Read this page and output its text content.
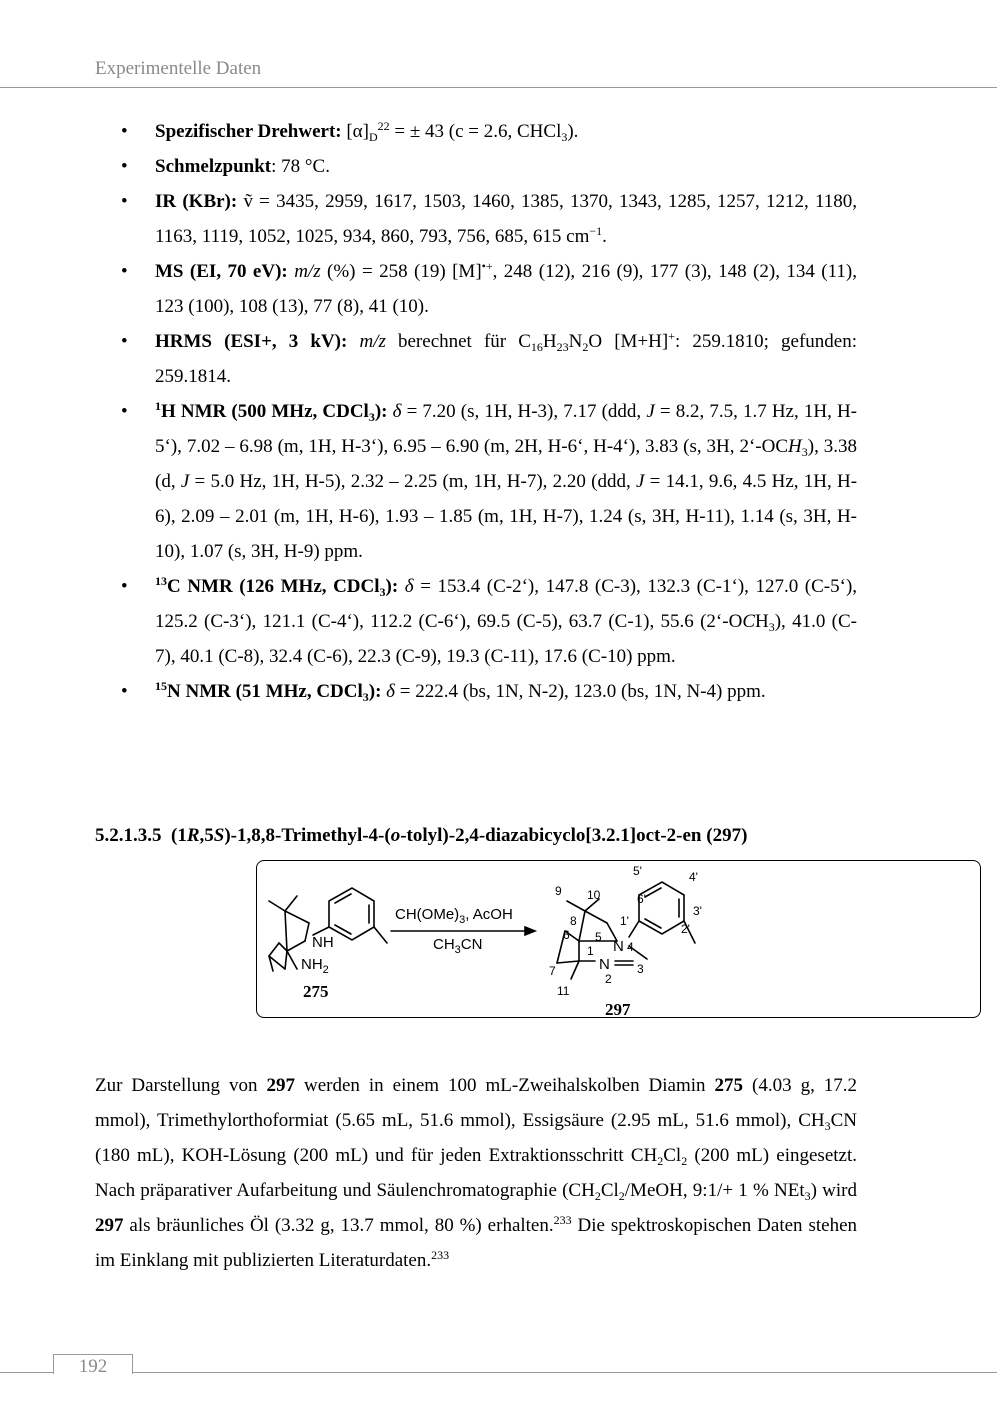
Experimentelle Daten
• Spezifischer Drehwert: $[\alpha]_D^{22}$ = ± 43 (c = 2.6, CHCl$_3$).
• Schmelzpunkt: 78 °C.
• IR (KBr): ṽ = 3435, 2959, 1617, 1503, 1460, 1385, 1370, 1343, 1285, 1257, 1212, 1180, 1163, 1119, 1052, 1025, 934, 860, 793, 756, 685, 615 $cm^{-1}$.
• MS (EI, 70 eV): m/z (%) = 258 (19) [M]•+, 248 (12), 216 (9), 177 (3), 148 (2), 134 (11), 123 (100), 108 (13), 77 (8), 41 (10).
• HRMS (ESI+, 3 kV): m/z berechnet für $C_{16}H_{23}N_2O$ [M+H]+: 259.1810; gefunden: 259.1814.
• $^1$H NMR (500 MHz, CDCl$_3$): δ = 7.20 (s, 1H, H-3), 7.17 (ddd, J = 8.2, 7.5, 1.7 Hz, 1H, H-5‘), 7.02 – 6.98 (m, 1H, H-3‘), 6.95 – 6.90 (m, 2H, H-6‘, H-4‘), 3.83 (s, 3H, $2‘-OCH_3$), 3.38 (d, J = 5.0 Hz, 1H, H-5), 2.32 – 2.25 (m, 1H, H-7), 2.20 (ddd, J = 14.1, 9.6, 4.5 Hz, 1H, H-6), 2.09 – 2.01 (m, 1H, H-6), 1.93 – 1.85 (m, 1H, H-7), 1.24 (s, 3H, H-11), 1.14 (s, 3H, H-10), 1.07 (s, 3H, H-9) ppm.
• $^{13}$C NMR (126 MHz, CDCl$_3$): δ = 153.4 (C-2‘), 147.8 (C-3), 132.3 (C-1‘), 127.0 (C-5‘), 125.2 (C-3‘), 121.1 (C-4‘), 112.2 (C-6‘), 69.5 (C-5), 63.7 (C-1), 55.6 $(2‘-OCH_3)$, 41.0 (C-7), 40.1 (C-8), 32.4 (C-6), 22.3 (C-9), 19.3 (C-11), 17.6 (C-10) ppm.
• $^{15}$N NMR (51 MHz, CDCl$_3$): δ = 222.4 (bs, 1N, N-2), 123.0 (bs, 1N, N-4) ppm.
5.2.1.3.5 (1R,5S)-1,8,8-Trimethyl-4-(o-tolyl)-2,4-diazabicyclo[3.2.1]oct-2-en (297)
NH
$NH_2$
275
$CH(OMe)_3$, AcOH
$CH_3CN$	N
N
9 10
8
6 5
1
7
11
4
2
3
5'	4'
6'
3'
1'
2'
297

Zur Darstellung von 297 werden in einem 100 mL-Zweihalskolben Diamin 275 (4.03 g, 17.2 mmol), Trimethylorthoformiat (5.65 mL, 51.6 mmol), Essigsäure (2.95 mL, 51.6 mmol), $CH_3CN$ (180 mL), KOH-Lösung (200 mL) und für jeden Extraktionsschritt $CH_2Cl_2$ (200 mL) eingesetzt. Nach präparativer Aufarbeitung und Säulenchromatographie ($CH_2Cl_2$/MeOH, 9:1/+ 1 % NEt$_3$) wird 297 als bräunliches Öl (3.32 g, 13.7 mmol, 80 %) erhalten.$^{233}$ Die spektroskopischen Daten stehen im Einklang mit publizierten Literaturdaten.$^{233}$

192
